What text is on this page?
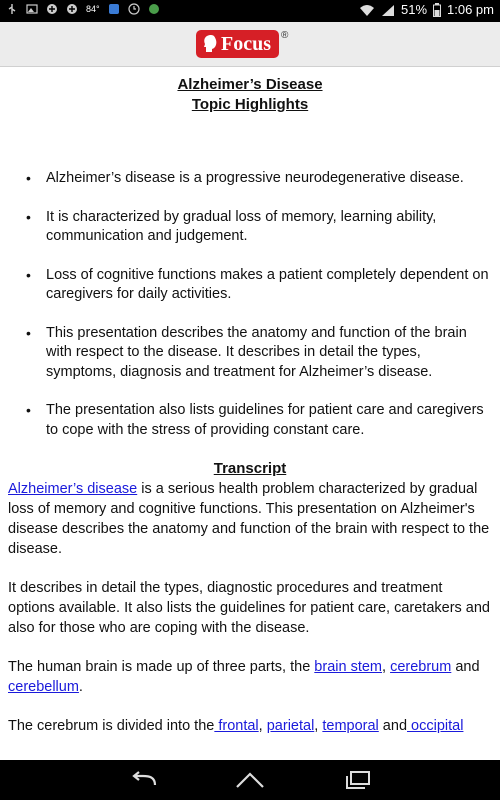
84°	51% 1:06 pm
Focus ®
Alzheimer’s Disease
Topic Highlights
• Alzheimer’s disease is a progressive neurodegenerative disease.
• It is characterized by gradual loss of memory, learning ability, communication and judgement.
• Loss of cognitive functions makes a patient completely dependent on caregivers for daily activities.
• This presentation describes the anatomy and function of the brain with respect to the disease. It describes in detail the types, symptoms, diagnosis and treatment for Alzheimer’s disease.
• The presentation also lists guidelines for patient care and caregivers to cope with the stress of providing constant care.
Transcript

Alzheimer’s disease is a serious health problem characterized by gradual loss of memory and cognitive functions. This presentation on Alzheimer's disease describes the anatomy and function of the brain with respect to the disease.

It describes in detail the types, diagnostic procedures and treatment options available. It also lists the guidelines for patient care, caretakers and also for those who are coping with the disease.

The human brain is made up of three parts, the brain stem, cerebrum and cerebellum.

The cerebrum is divided into the frontal, parietal, temporal and occipital
